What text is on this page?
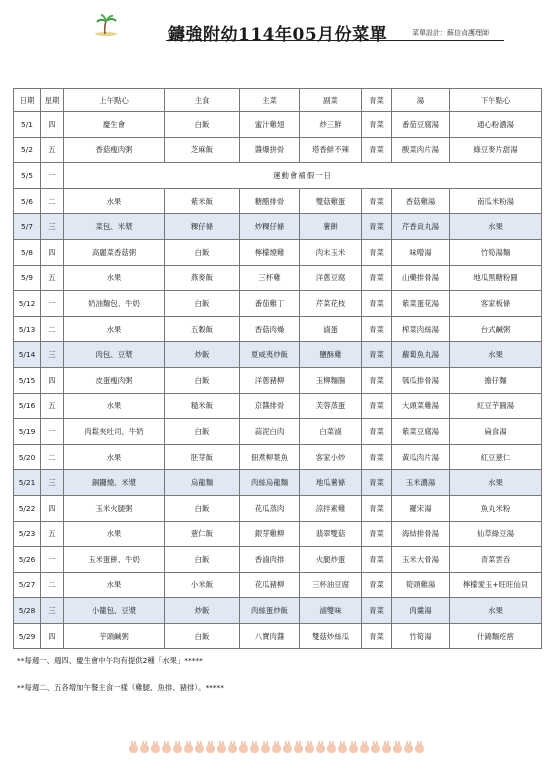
鑄強附幼114年05月份菜單	菜單設計：蘇信貞護理師
日期	星期	上午點心	主食	主菜	副菜	青菜	湯	下午點心
5/1	四	慶生會	白飯	蜜汁雞翅	炒三鮮	青菜	番茄豆腐湯	通心粉濃湯
5/2	五	香菇瘦肉粥	芝麻飯	醬爆拼骨	塔香鮮不辣	青菜	酸菜肉片湯	綠豆麥片甜湯
5/5	一	運動會補假一日						
5/6	二	水果	紫米飯	糖醋排骨	雙菇雞蛋	青菜	香菇雞湯	南瓜米粉湯
5/7	三	菜包、米漿	粿仔條	炒粿仔條	薯餅	青菜	芹香貢丸湯	水果
5/8	四	高麗菜香菇粥	白飯	檸檬燒雞	肉末玉米	青菜	味噌湯	竹筍湯麵
5/9	五	水果	燕麥飯	三杯雞	洋蔥豆腐	青菜	山藥排骨湯	地瓜黑糖粉圓
5/12	一	奶油麵包、牛奶	白飯	番茄雞丁	芹菜花枝	青菜	紫菜蛋花湯	客家板條
5/13	二	水果	五穀飯	香菇肉燥	滷蛋	青菜	榨菜肉絲湯	台式鹹粥
5/14	三	肉包、豆漿	炒飯	夏威夷炒飯	鹽酥雞	青菜	蘿蔔魚丸湯	水果
5/15	四	皮蛋瘦肉粥	白飯	洋蔥豬柳	玉柳麵腸	青菜	瓠瓜排骨湯	擔仔麵
5/16	五	水果	糙米飯	京醬排骨	芙蓉蒸蛋	青菜	大頭菜雞湯	紅豆芋圓湯
5/19	一	肉鬆夾吐司、牛奶	白飯	蒜泥白肉	白菜滷	青菜	紫菜豆腐湯	扁食湯
5/20	二	水果	胚芽飯	佃煮柳葉魚	客家小炒	青菜	黃瓜肉片湯	紅豆薏仁
5/21	三	銅鑼燒、米漿	烏龍麵	肉絲烏龍麵	地瓜薯條	青菜	玉米濃湯	水果
5/22	四	玉米火腿粥	白飯	花瓜蒸肉	涼拌素雞	青菜	羅宋湯	魚丸米粉
5/23	五	水果	薏仁飯	銀芽雞柳	翡翠雙菇	青菜	海結排骨湯	仙草綠豆湯
5/26	一	玉米蛋餅、牛奶	白飯	香滷肉排	火腿炒蛋	青菜	玉米大骨湯	青菜雲吞
5/27	二	水果	小米飯	花瓜豬柳	三杯油豆腐	青菜	筍頭雞湯	檸檬愛玉+旺旺仙貝
5/28	三	小籠包、豆漿	炒飯	肉絲蛋炒飯	滷雙味	青菜	肉羹湯	水果
5/29	四	芋頭鹹粥	白飯	八寶肉醬	雙菇炒絲瓜	青菜	竹筍湯	什錦麵疙瘩

**每週一、週四、慶生會中午均有提供2種「水果」*****

**每週二、五各增加午餐主食一樣（雞腿、魚排、豬排）。*****
